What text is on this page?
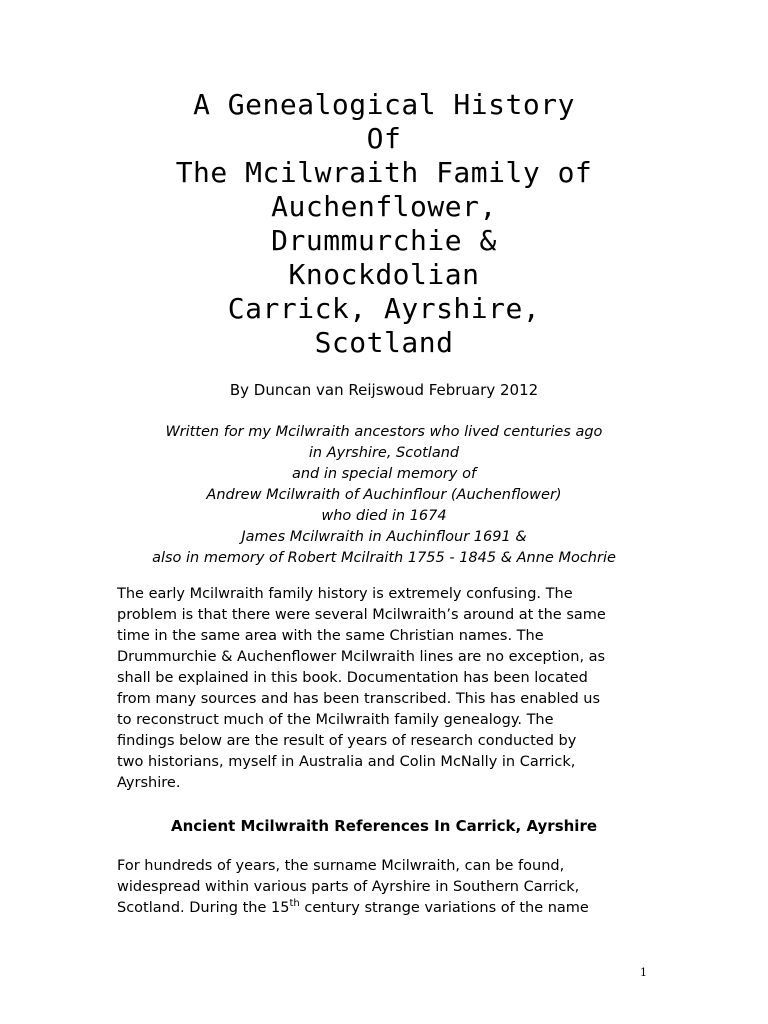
A Genealogical History
Of
The Mcilwraith Family of
Auchenflower,
Drummurchie &
Knockdolian
Carrick, Ayrshire,
Scotland

By Duncan van Reijswoud February 2012

Written for my Mcilwraith ancestors who lived centuries ago
in Ayrshire, Scotland
and in special memory of
Andrew Mcilwraith of Auchinflour (Auchenflower)
who died in 1674
James Mcilwraith in Auchinflour 1691 &
also in memory of Robert Mcilraith 1755 - 1845 & Anne Mochrie

The early Mcilwraith family history is extremely confusing. The
problem is that there were several Mcilwraith’s around at the same
time in the same area with the same Christian names. The
Drummurchie & Auchenflower Mcilwraith lines are no exception, as
shall be explained in this book. Documentation has been located
from many sources and has been transcribed. This has enabled us
to reconstruct much of the Mcilwraith family genealogy. The
findings below are the result of years of research conducted by
two historians, myself in Australia and Colin McNally in Carrick,
Ayrshire.

Ancient Mcilwraith References In Carrick, Ayrshire

For hundreds of years, the surname Mcilwraith, can be found,
widespread within various parts of Ayrshire in Southern Carrick,
Scotland. During the 15th century strange variations of the name

1
